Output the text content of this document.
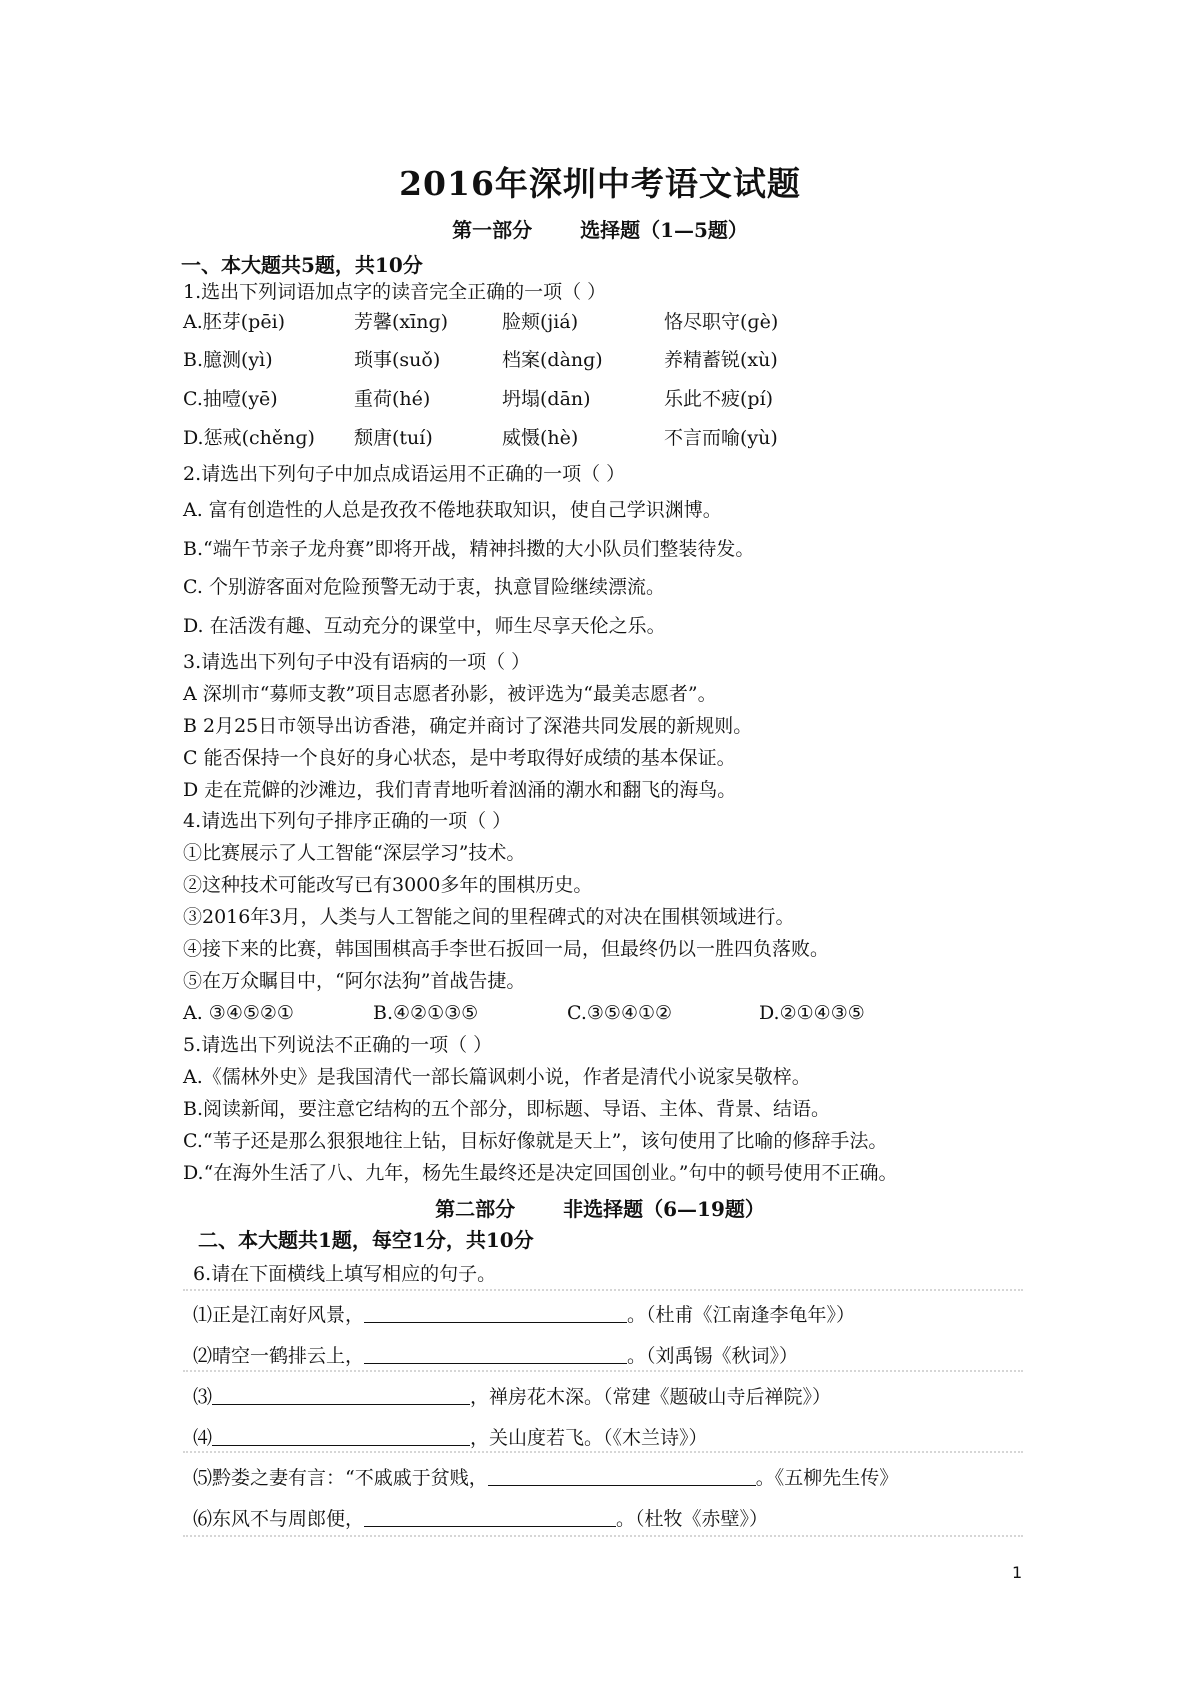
2016年深圳中考语文试题
第一部分 选择题（1—5题）
一、本大题共5题，共10分
1.选出下列词语加点字的读音完全正确的一项（ ）
A.胚芽(pēi)	芳馨(xīnɡ)	脸颊(jiá)	恪尽职守(ɡè)
B.臆测(yì)	琐事(suǒ)	档案(dànɡ)	养精蓄锐(xù)
C.抽噎(yē)	重荷(hé)	坍塌(dān)	乐此不疲(pí)
D.惩戒(chěnɡ) 颓唐(tuí)	威慑(hè)	不言而喻(yù)
2.请选出下列句子中加点成语运用不正确的一项（ ）
A. 富有创造性的人总是孜孜不倦地获取知识，使自己学识渊博。
B.“端午节亲子龙舟赛”即将开战，精神抖擞的大小队员们整装待发。
C. 个别游客面对危险预警无动于衷，执意冒险继续漂流。
D. 在活泼有趣、互动充分的课堂中，师生尽享天伦之乐。
3.请选出下列句子中没有语病的一项（ ）
A 深圳市“募师支教”项目志愿者孙影，被评选为“最美志愿者”。
B 2月25日市领导出访香港，确定并商讨了深港共同发展的新规则。
C 能否保持一个良好的身心状态，是中考取得好成绩的基本保证。
D 走在荒僻的沙滩边，我们青青地听着汹涌的潮水和翻飞的海鸟。
4.请选出下列句子排序正确的一项（ ）
①比赛展示了人工智能“深层学习”技术。
②这种技术可能改写已有3000多年的围棋历史。
③2016年3月，人类与人工智能之间的里程碑式的对决在围棋领域进行。
④接下来的比赛，韩国围棋高手李世石扳回一局，但最终仍以一胜四负落败。
⑤在万众瞩目中，“阿尔法狗”首战告捷。
A. ③④⑤②①	B.④②①③⑤	C.③⑤④①②	D.②①④③⑤
5.请选出下列说法不正确的一项（ ）
A.《儒林外史》是我国清代一部长篇讽刺小说，作者是清代小说家吴敬梓。
B.阅读新闻，要注意它结构的五个部分，即标题、导语、主体、背景、结语。
C.“苇子还是那么狠狠地往上钻，目标好像就是天上”，该句使用了比喻的修辞手法。
D.“在海外生活了八、九年，杨先生最终还是决定回国创业。”句中的顿号使用不正确。
第二部分 非选择题（6—19题）
二、本大题共1题，每空1分，共10分
6.请在下面横线上填写相应的句子。
⑴正是江南好风景，	。（杜甫《江南逢李龟年》）
⑵晴空一鹤排云上，	。（刘禹锡《秋词》）
⑶	，禅房花木深。（常建《题破山寺后禅院》）
⑷	，关山度若飞。（《木兰诗》）
⑸黔娄之妻有言：“不戚戚于贫贱，	。《五柳先生传》
⑹东风不与周郎便，	。（杜牧《赤壁》）
1
